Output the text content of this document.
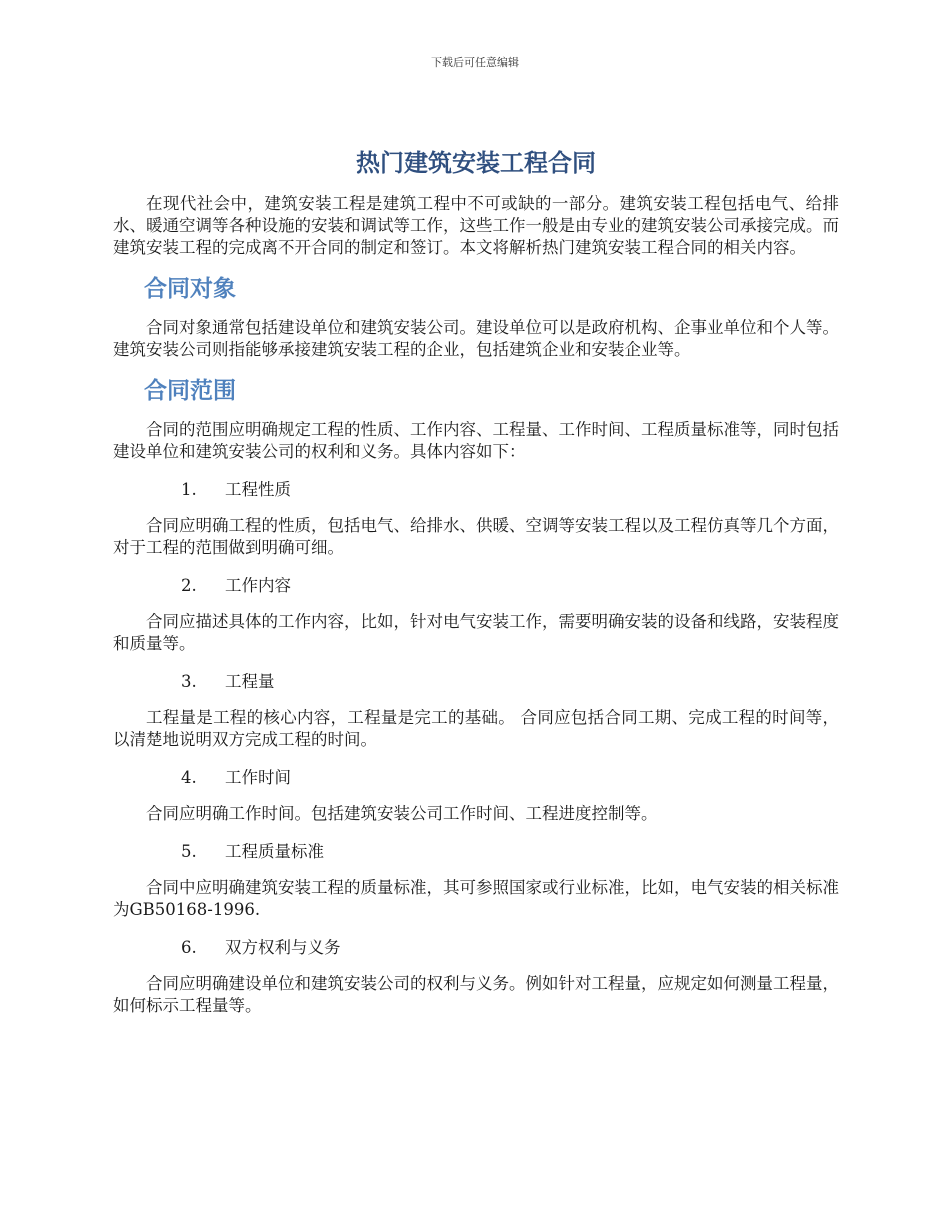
下载后可任意编辑
热门建筑安装工程合同

在现代社会中，建筑安装工程是建筑工程中不可或缺的一部分。建筑安装工程包括电气、给排水、暖通空调等各种设施的安装和调试等工作，这些工作一般是由专业的建筑安装公司承接完成。而建筑安装工程的完成离不开合同的制定和签订。本文将解析热门建筑安装工程合同的相关内容。

合同对象

合同对象通常包括建设单位和建筑安装公司。建设单位可以是政府机构、企事业单位和个人等。建筑安装公司则指能够承接建筑安装工程的企业，包括建筑企业和安装企业等。

合同范围

合同的范围应明确规定工程的性质、工作内容、工程量、工作时间、工程质量标准等，同时包括建设单位和建筑安装公司的权利和义务。具体内容如下：

1.	工程性质

合同应明确工程的性质，包括电气、给排水、供暖、空调等安装工程以及工程仿真等几个方面，对于工程的范围做到明确可细。

2.	工作内容

合同应描述具体的工作内容，比如，针对电气安装工作，需要明确安装的设备和线路，安装程度和质量等。

3.	工程量

工程量是工程的核心内容，工程量是完工的基础。 合同应包括合同工期、完成工程的时间等，以清楚地说明双方完成工程的时间。

4.	工作时间

合同应明确工作时间。包括建筑安装公司工作时间、工程进度控制等。

5.	工程质量标准

合同中应明确建筑安装工程的质量标准，其可参照国家或行业标准，比如，电气安装的相关标准为GB50168-1996.

6.	双方权利与义务

合同应明确建设单位和建筑安装公司的权利与义务。例如针对工程量，应规定如何测量工程量，如何标示工程量等。
